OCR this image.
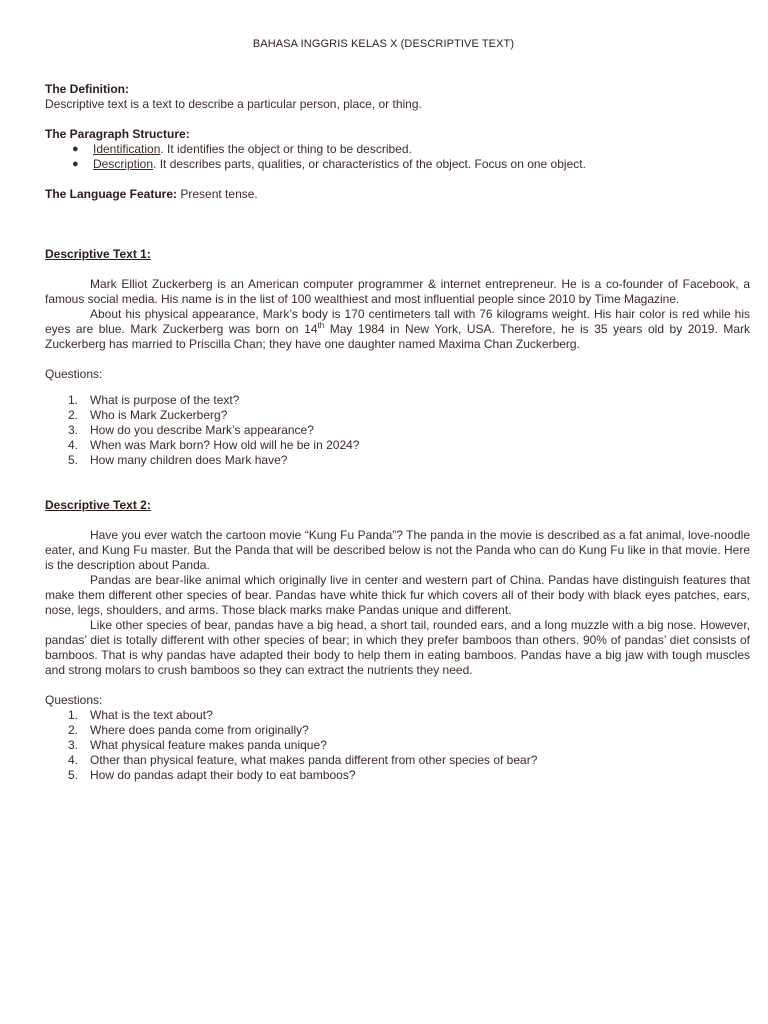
BAHASA INGGRIS KELAS X (DESCRIPTIVE TEXT)
The Definition:
Descriptive text is a text to describe a particular person, place, or thing.
The Paragraph Structure:
● Identification. It identifies the object or thing to be described.
● Description. It describes parts, qualities, or characteristics of the object. Focus on one object.
The Language Feature: Present tense.
Descriptive Text 1:

Mark Elliot Zuckerberg is an American computer programmer & internet entrepreneur. He is a co-founder of Facebook, a famous social media. His name is in the list of 100 wealthiest and most influential people since 2010 by Time Magazine.

About his physical appearance, Mark’s body is 170 centimeters tall with 76 kilograms weight. His hair color is red while his eyes are blue. Mark Zuckerberg was born on 14th May 1984 in New York, USA. Therefore, he is 35 years old by 2019. Mark Zuckerberg has married to Priscilla Chan; they have one daughter named Maxima Chan Zuckerberg.

Questions:
1. What is purpose of the text?
2. Who is Mark Zuckerberg?
3. How do you describe Mark’s appearance?
4. When was Mark born? How old will he be in 2024?
5. How many children does Mark have?
Descriptive Text 2:

Have you ever watch the cartoon movie “Kung Fu Panda”? The panda in the movie is described as a fat animal, love-noodle eater, and Kung Fu master. But the Panda that will be described below is not the Panda who can do Kung Fu like in that movie. Here is the description about Panda.

Pandas are bear-like animal which originally live in center and western part of China. Pandas have distinguish features that make them different other species of bear. Pandas have white thick fur which covers all of their body with black eyes patches, ears, nose, legs, shoulders, and arms. Those black marks make Pandas unique and different.

Like other species of bear, pandas have a big head, a short tail, rounded ears, and a long muzzle with a big nose. However, pandas’ diet is totally different with other species of bear; in which they prefer bamboos than others. 90% of pandas’ diet consists of bamboos. That is why pandas have adapted their body to help them in eating bamboos. Pandas have a big jaw with tough muscles and strong molars to crush bamboos so they can extract the nutrients they need.

Questions:
1. What is the text about?
2. Where does panda come from originally?
3. What physical feature makes panda unique?
4. Other than physical feature, what makes panda different from other species of bear?
5. How do pandas adapt their body to eat bamboos?
